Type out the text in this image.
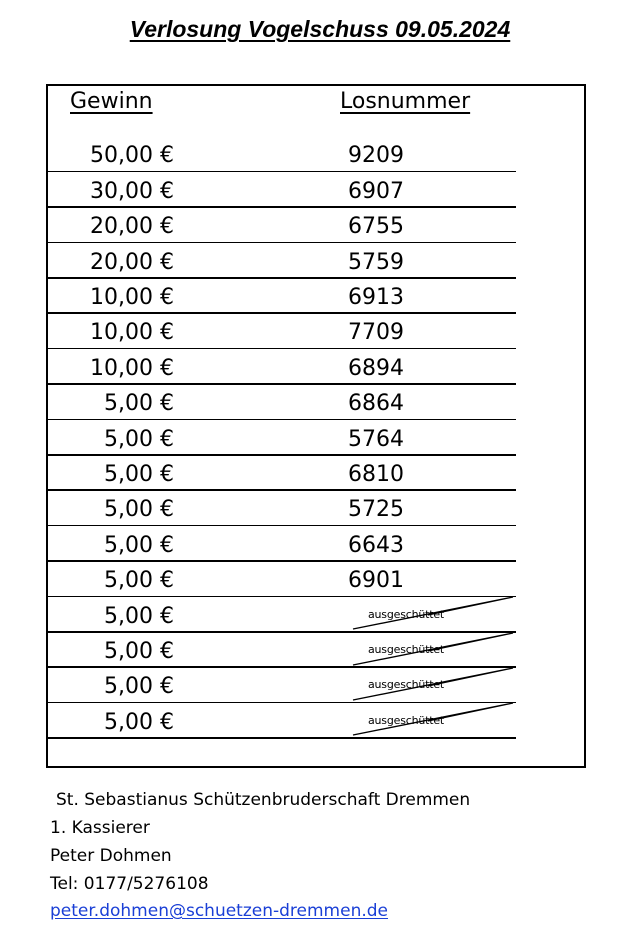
Verlosung Vogelschuss 09.05.2024
Gewinn	Losnummer
50,00 €	9209
30,00 €	6907
20,00 €	6755
20,00 €	5759
10,00 €	6913
10,00 €	7709
10,00 €	6894
5,00 €	6864
5,00 €	5764
5,00 €	6810
5,00 €	5725
5,00 €	6643
5,00 €	6901
5,00 €	ausgeschüttet
5,00 €	ausgeschüttet
5,00 €	ausgeschüttet
5,00 €	ausgeschüttet
St. Sebastianus Schützenbruderschaft Dremmen
1. Kassierer
Peter Dohmen
Tel: 0177/5276108
peter.dohmen@schuetzen-dremmen.de
